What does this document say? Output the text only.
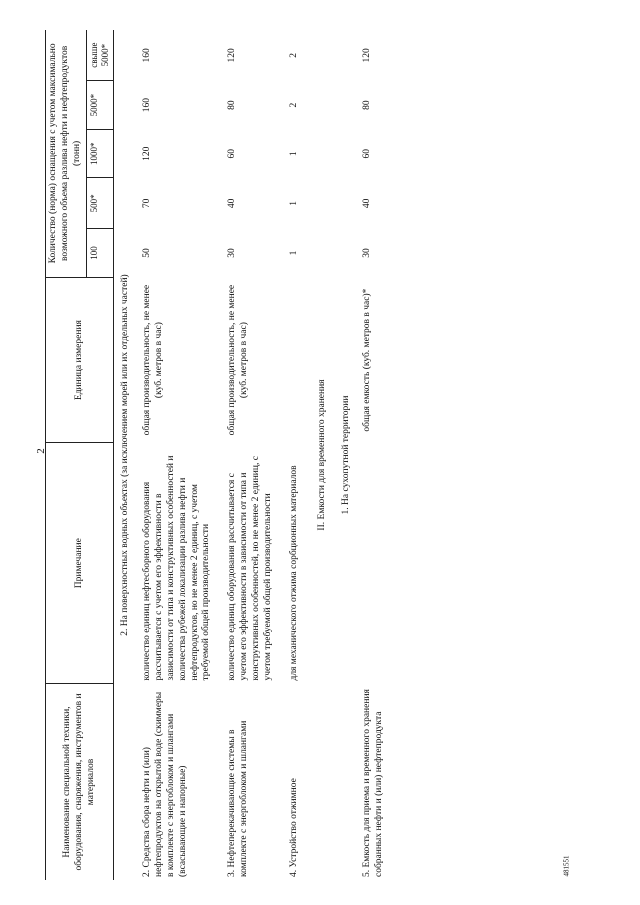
2
481551
Наименование специальной техники, оборудования, снаряжения, инструментов и материалов	Примечание	Единица измерения	Количество (норма) оснащения с учетом максимально возможного объема разлива нефти и нефтепродуктов (тонн)				
			100	500*	1000*	5000*	свыше 5000*
2. На поверхностных водных объектах (за исключением морей или их отдельных частей)							
2. Средства сбора нефти и (или) нефтепродуктов на открытой воде (скиммеры в комплекте с энергоблоком и шлангами (всасывающие и напорные)	количество единиц нефтесборного оборудования рассчитывается с учетом его эффективности в зависимости от типа и конструктивных особенностей и количества рубежей локализации разлива нефти и нефтепродуктов, но не менее 2 единиц, с учетом требуемой общей производительности	общая производительность, не менее (куб. метров в час)	50	70	120	160	160
3. Нефтеперекачивающие системы в комплекте с энергоблоком и шлангами	количество единиц оборудования рассчитывается с учетом его эффективности в зависимости от типа и конструктивных особенностей, но не менее 2 единиц, с учетом требуемой общей производительности	общая производительность, не менее (куб. метров в час)	30	40	60	80	120
4. Устройство отжимное	для механического отжима сорбционных материалов		1	1	1	2	2
II. Емкости для временного хранения							
1. На сухопутной территории							
5. Емкость для приема и временного хранения собранных нефти и (или) нефтепродукта		общая емкость (куб. метров в час)*	30	40	60	80	120
